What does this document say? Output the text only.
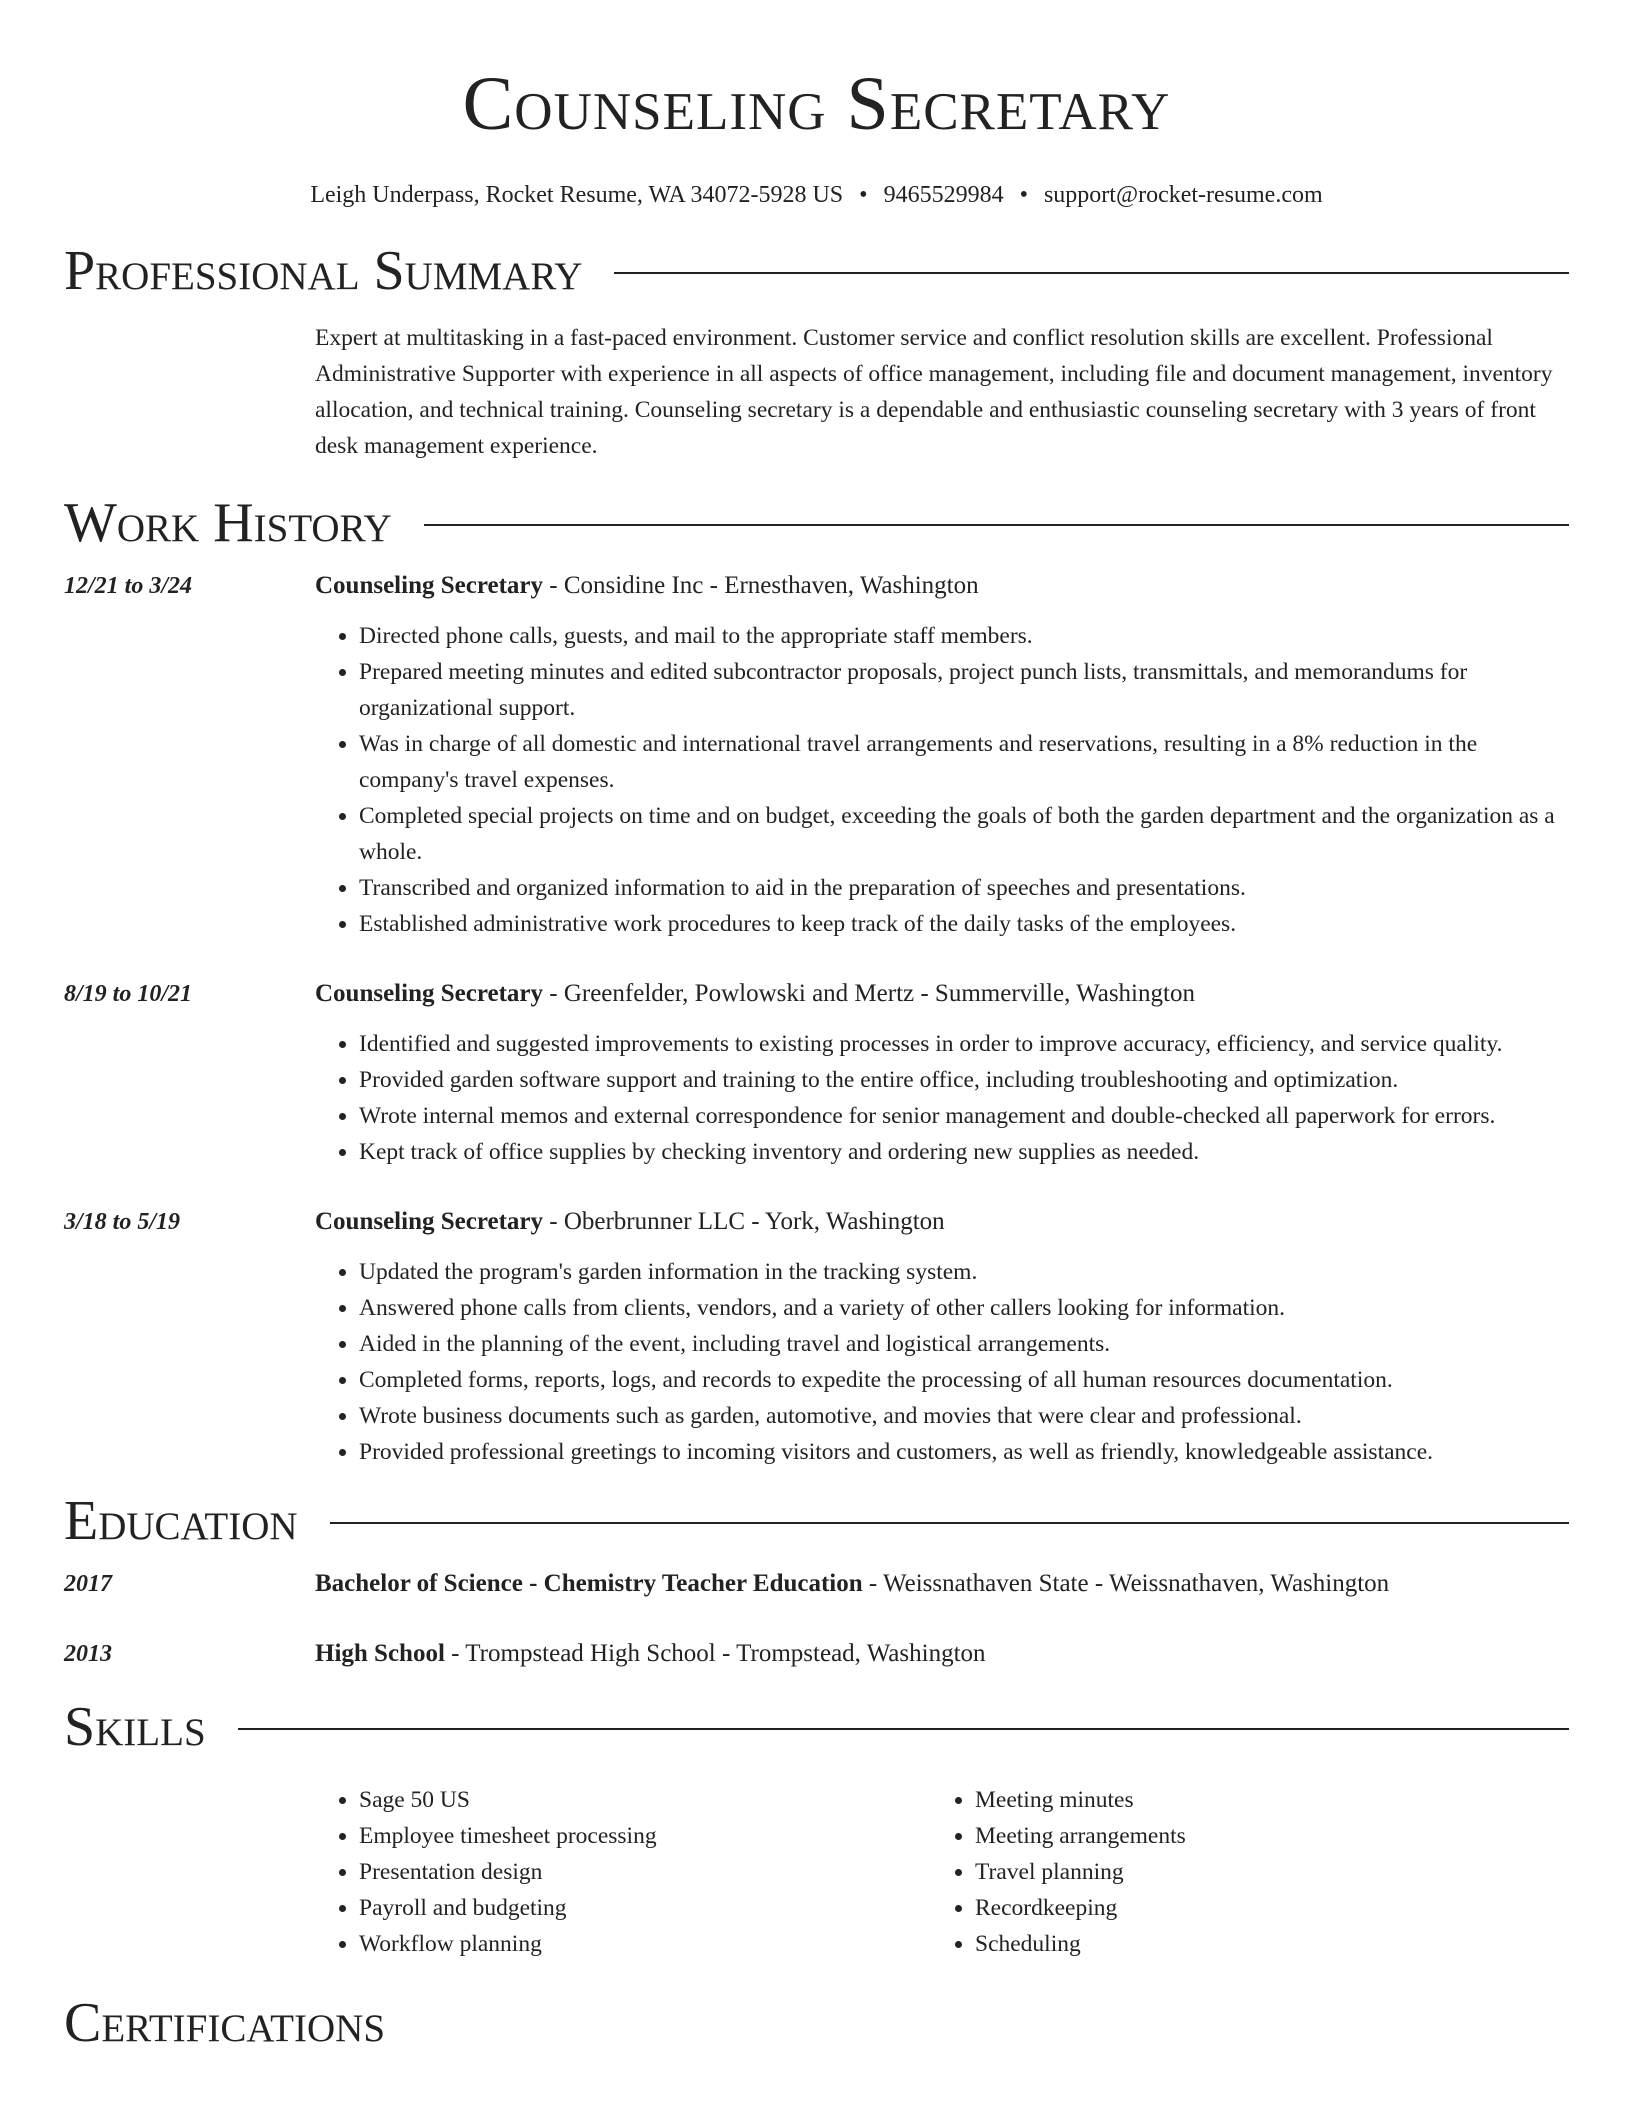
Counseling Secretary
Leigh Underpass, Rocket Resume, WA 34072-5928 US • 9465529984 • support@rocket-resume.com
Professional Summary
Expert at multitasking in a fast-paced environment. Customer service and conflict resolution skills are excellent. Professional Administrative Supporter with experience in all aspects of office management, including file and document management, inventory allocation, and technical training. Counseling secretary is a dependable and enthusiastic counseling secretary with 3 years of front desk management experience.
Work History
12/21 to 3/24	Counseling Secretary - Considine Inc - Ernesthaven, Washington
• Directed phone calls, guests, and mail to the appropriate staff members.
• Prepared meeting minutes and edited subcontractor proposals, project punch lists, transmittals, and memorandums for organizational support.
• Was in charge of all domestic and international travel arrangements and reservations, resulting in a 8% reduction in the company's travel expenses.
• Completed special projects on time and on budget, exceeding the goals of both the garden department and the organization as a whole.
• Transcribed and organized information to aid in the preparation of speeches and presentations.
• Established administrative work procedures to keep track of the daily tasks of the employees.
8/19 to 10/21	Counseling Secretary - Greenfelder, Powlowski and Mertz - Summerville, Washington
• Identified and suggested improvements to existing processes in order to improve accuracy, efficiency, and service quality.
• Provided garden software support and training to the entire office, including troubleshooting and optimization.
• Wrote internal memos and external correspondence for senior management and double-checked all paperwork for errors.
• Kept track of office supplies by checking inventory and ordering new supplies as needed.
3/18 to 5/19	Counseling Secretary - Oberbrunner LLC - York, Washington
• Updated the program's garden information in the tracking system.
• Answered phone calls from clients, vendors, and a variety of other callers looking for information.
• Aided in the planning of the event, including travel and logistical arrangements.
• Completed forms, reports, logs, and records to expedite the processing of all human resources documentation.
• Wrote business documents such as garden, automotive, and movies that were clear and professional.
• Provided professional greetings to incoming visitors and customers, as well as friendly, knowledgeable assistance.
Education
2017	Bachelor of Science - Chemistry Teacher Education - Weissnathaven State - Weissnathaven, Washington
2013	High School - Trompstead High School - Trompstead, Washington
Skills
• Sage 50 US
• Employee timesheet processing
• Presentation design
• Payroll and budgeting
• Workflow planning
• Meeting minutes
• Meeting arrangements
• Travel planning
• Recordkeeping
• Scheduling
Certifications
